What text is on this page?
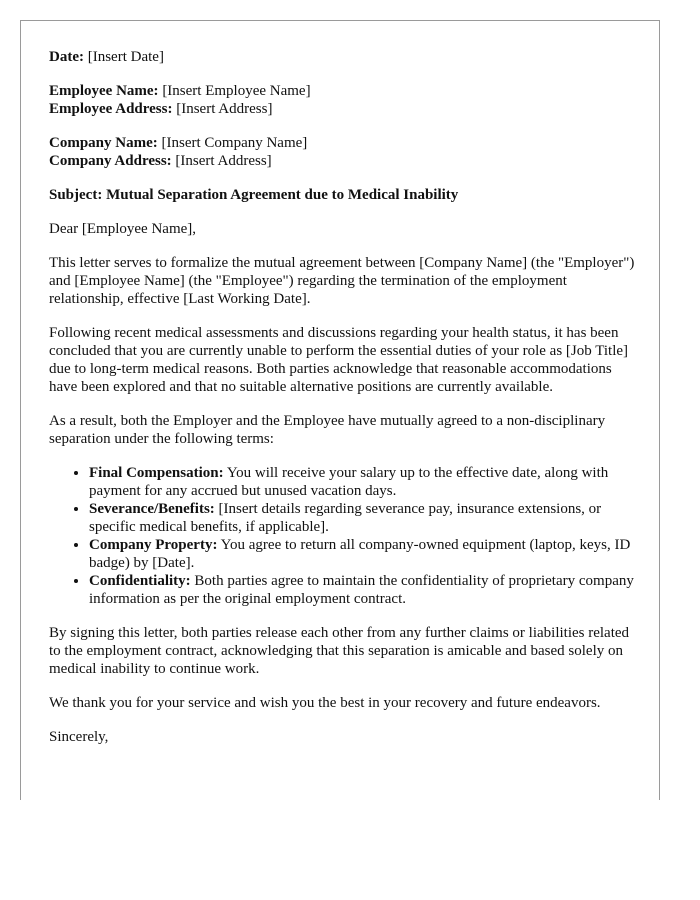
Date: [Insert Date]

Employee Name: [Insert Employee Name]
Employee Address: [Insert Address]

Company Name: [Insert Company Name]
Company Address: [Insert Address]

Subject: Mutual Separation Agreement due to Medical Inability

Dear [Employee Name],

This letter serves to formalize the mutual agreement between [Company Name] (the "Employer") and [Employee Name] (the "Employee") regarding the termination of the employment relationship, effective [Last Working Date].

Following recent medical assessments and discussions regarding your health status, it has been concluded that you are currently unable to perform the essential duties of your role as [Job Title] due to long-term medical reasons. Both parties acknowledge that reasonable accommodations have been explored and that no suitable alternative positions are currently available.

As a result, both the Employer and the Employee have mutually agreed to a non-disciplinary separation under the following terms:

• Final Compensation: You will receive your salary up to the effective date, along with payment for any accrued but unused vacation days.
• Severance/Benefits: [Insert details regarding severance pay, insurance extensions, or specific medical benefits, if applicable].
• Company Property: You agree to return all company-owned equipment (laptop, keys, ID badge) by [Date].
• Confidentiality: Both parties agree to maintain the confidentiality of proprietary company information as per the original employment contract.

By signing this letter, both parties release each other from any further claims or liabilities related to the employment contract, acknowledging that this separation is amicable and based solely on medical inability to continue work.

We thank you for your service and wish you the best in your recovery and future endeavors.

Sincerely,
